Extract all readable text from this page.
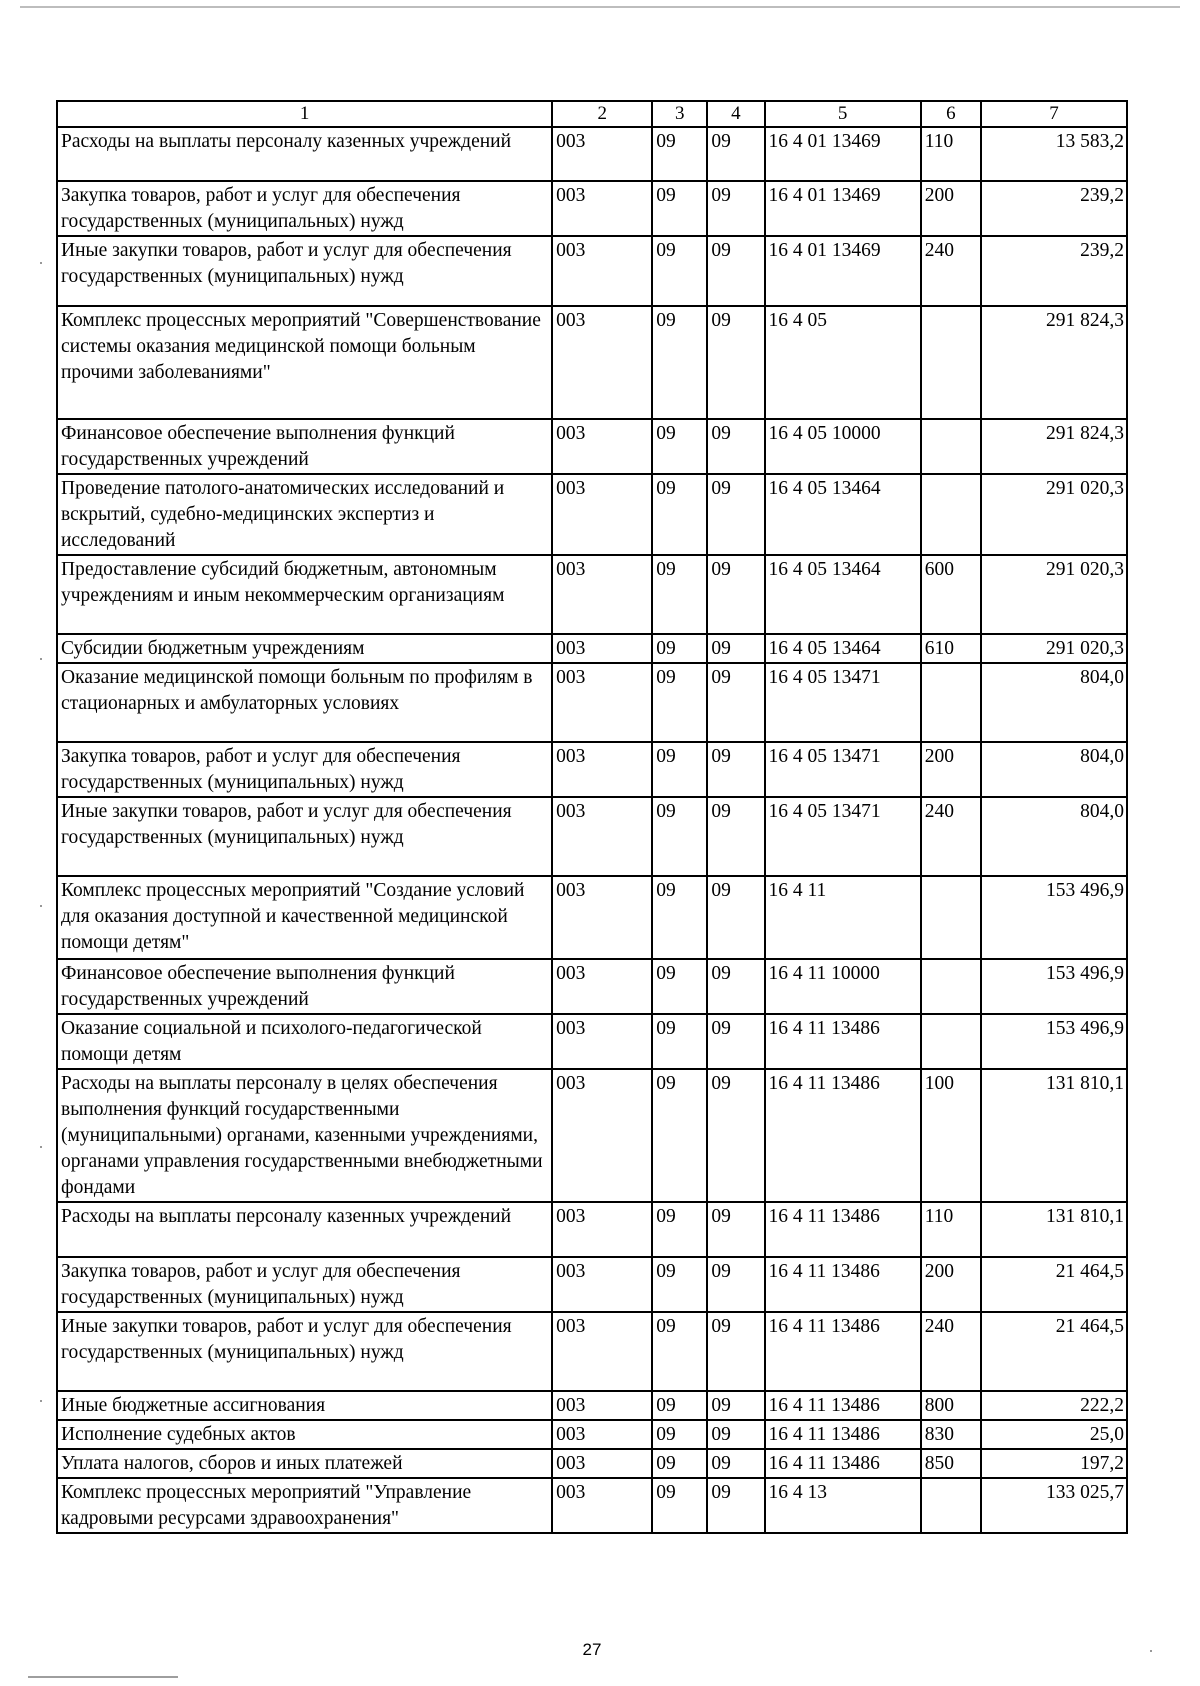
1	2	3	4	5	6	7
Расходы на выплаты персоналу казенных учреждений	003	09	09	16 4 01 13469	110	13 583,2
Закупка товаров, работ и услуг для обеспечения государственных (муниципальных) нужд	003	09	09	16 4 01 13469	200	239,2
Иные закупки товаров, работ и услуг для обеспечения государственных (муниципальных) нужд	003	09	09	16 4 01 13469	240	239,2
Комплекс процессных мероприятий "Совершенствование системы оказания медицинской помощи больным прочими заболеваниями"	003	09	09	16 4 05		291 824,3
Финансовое обеспечение выполнения функций государственных учреждений	003	09	09	16 4 05 10000		291 824,3
Проведение патолого-анатомических исследований и вскрытий, судебно-медицинских экспертиз и исследований	003	09	09	16 4 05 13464		291 020,3
Предоставление субсидий бюджетным, автономным учреждениям и иным некоммерческим организациям	003	09	09	16 4 05 13464	600	291 020,3
Субсидии бюджетным учреждениям	003	09	09	16 4 05 13464	610	291 020,3
Оказание медицинской помощи больным по профилям в стационарных и амбулаторных условиях	003	09	09	16 4 05 13471		804,0
Закупка товаров, работ и услуг для обеспечения государственных (муниципальных) нужд	003	09	09	16 4 05 13471	200	804,0
Иные закупки товаров, работ и услуг для обеспечения государственных (муниципальных) нужд	003	09	09	16 4 05 13471	240	804,0
Комплекс процессных мероприятий "Создание условий для оказания доступной и качественной медицинской помощи детям"	003	09	09	16 4 11		153 496,9
Финансовое обеспечение выполнения функций государственных учреждений	003	09	09	16 4 11 10000		153 496,9
Оказание социальной и психолого-педагогической помощи детям	003	09	09	16 4 11 13486		153 496,9
Расходы на выплаты персоналу в целях обеспечения выполнения функций государственными (муниципальными) органами, казенными учреждениями, органами управления государственными внебюджетными фондами	003	09	09	16 4 11 13486	100	131 810,1
Расходы на выплаты персоналу казенных учреждений	003	09	09	16 4 11 13486	110	131 810,1
Закупка товаров, работ и услуг для обеспечения государственных (муниципальных) нужд	003	09	09	16 4 11 13486	200	21 464,5
Иные закупки товаров, работ и услуг для обеспечения государственных (муниципальных) нужд	003	09	09	16 4 11 13486	240	21 464,5
Иные бюджетные ассигнования	003	09	09	16 4 11 13486	800	222,2
Исполнение судебных актов	003	09	09	16 4 11 13486	830	25,0
Уплата налогов, сборов и иных платежей	003	09	09	16 4 11 13486	850	197,2
Комплекс процессных мероприятий "Управление кадровыми ресурсами здравоохранения"	003	09	09	16 4 13		133 025,7
27
